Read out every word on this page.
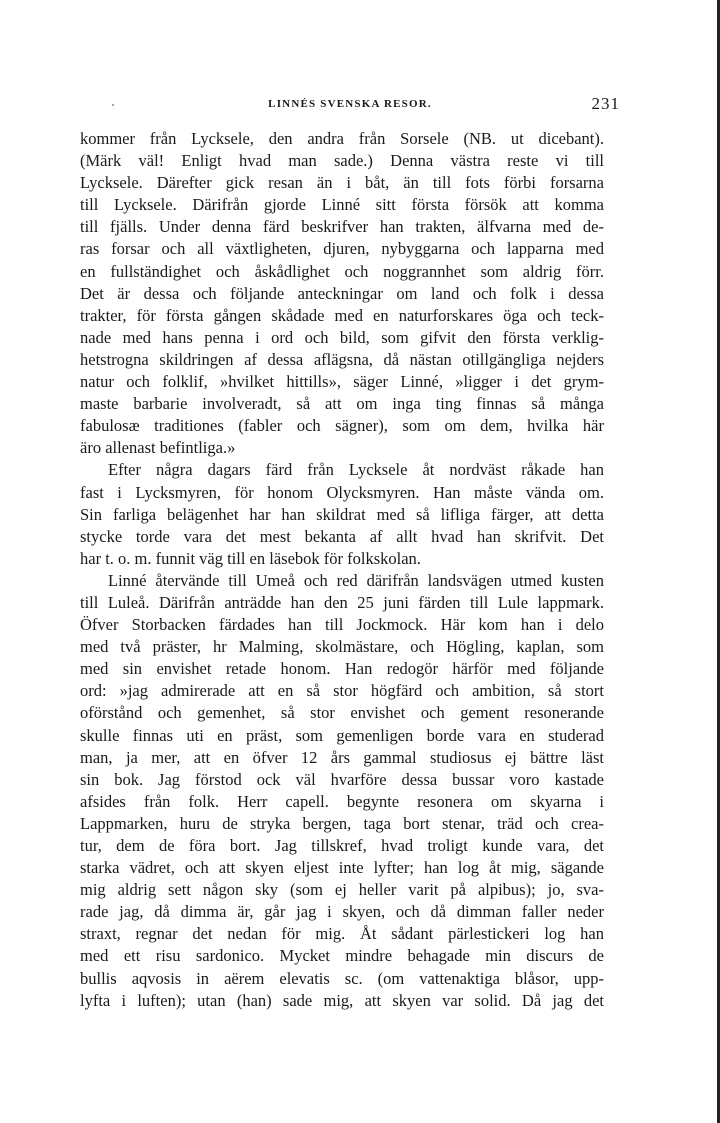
LINNÉS SVENSKA RESOR.	231
kommer från Lycksele, den andra från Sorsele (NB. ut dicebant).
(Märk väl! Enligt hvad man sade.) Denna västra reste vi till
Lycksele. Därefter gick resan än i båt, än till fots förbi forsarna
till Lycksele. Därifrån gjorde Linné sitt första försök att komma
till fjälls. Under denna färd beskrifver han trakten, älfvarna med de-
ras forsar och all växtligheten, djuren, nybyggarna och lapparna med
en fullständighet och åskådlighet och noggrannhet som aldrig förr.
Det är dessa och följande anteckningar om land och folk i dessa
trakter, för första gången skådade med en naturforskares öga och teck-
nade med hans penna i ord och bild, som gifvit den första verklig-
hetstrogna skildringen af dessa aflägsna, då nästan otillgängliga nejders
natur och folklif, »hvilket hittills», säger Linné, »ligger i det grym-
maste barbarie involveradt, så att om inga ting finnas så många
fabulosæ traditiones (fabler och sägner), som om dem, hvilka här
äro allenast befintliga.»
Efter några dagars färd från Lycksele åt nordväst råkade han
fast i Lycksmyren, för honom Olycksmyren. Han måste vända om.
Sin farliga belägenhet har han skildrat med så lifliga färger, att detta
stycke torde vara det mest bekanta af allt hvad han skrifvit. Det
har t. o. m. funnit väg till en läsebok för folkskolan.
Linné återvände till Umeå och red därifrån landsvägen utmed kusten
till Luleå. Därifrån anträdde han den 25 juni färden till Lule lappmark.
Öfver Storbacken färdades han till Jockmock. Här kom han i delo
med två präster, hr Malming, skolmästare, och Högling, kaplan, som
med sin envishet retade honom. Han redogör härför med följande
ord: »jag admirerade att en så stor högfärd och ambition, så stort
oförstånd och gemenhet, så stor envishet och gement resonerande
skulle finnas uti en präst, som gemenligen borde vara en studerad
man, ja mer, att en öfver 12 års gammal studiosus ej bättre läst
sin bok. Jag förstod ock väl hvarföre dessa bussar voro kastade
afsides från folk. Herr capell. begynte resonera om skyarna i
Lappmarken, huru de stryka bergen, taga bort stenar, träd och crea-
tur, dem de föra bort. Jag tillskref, hvad troligt kunde vara, det
starka vädret, och att skyen eljest inte lyfter; han log åt mig, sägande
mig aldrig sett någon sky (som ej heller varit på alpibus); jo, sva-
rade jag, då dimma är, går jag i skyen, och då dimman faller neder
straxt, regnar det nedan för mig. Åt sådant pärlestickeri log han
med ett risu sardonico. Mycket mindre behagade min discurs de
bullis aqvosis in aërem elevatis sc. (om vattenaktiga blåsor, upp-
lyfta i luften); utan (han) sade mig, att skyen var solid. Då jag det
